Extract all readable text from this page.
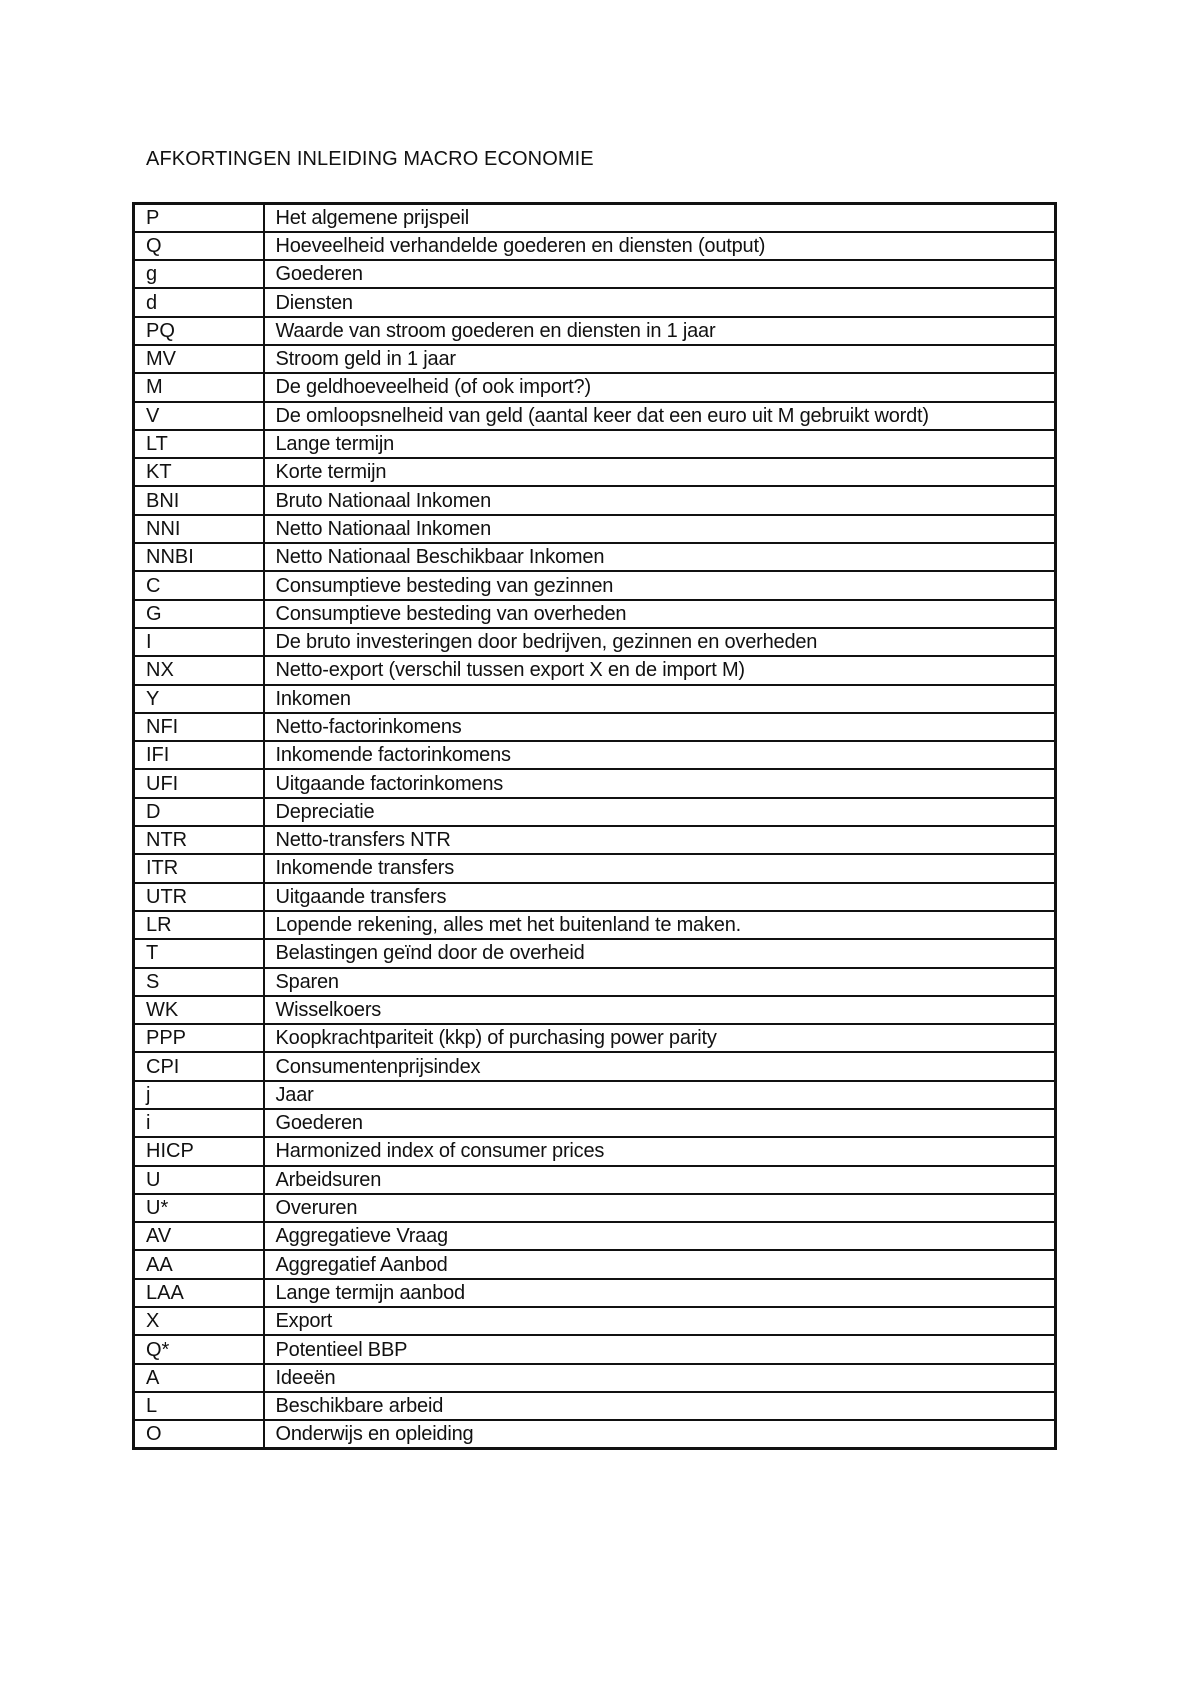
AFKORTINGEN INLEIDING MACRO ECONOMIE
P	Het algemene prijspeil
Q	Hoeveelheid verhandelde goederen en diensten (output)
g	Goederen
d	Diensten
PQ	Waarde van stroom goederen en diensten in 1 jaar
MV	Stroom geld in 1 jaar
M	De geldhoeveelheid (of ook import?)
V	De omloopsnelheid van geld (aantal keer dat een euro uit M gebruikt wordt)
LT	Lange termijn
KT	Korte termijn
BNI	Bruto Nationaal Inkomen
NNI	Netto Nationaal Inkomen
NNBI	Netto Nationaal Beschikbaar Inkomen
C	Consumptieve besteding van gezinnen
G	Consumptieve besteding van overheden
I	De bruto investeringen door bedrijven, gezinnen en overheden
NX	Netto-export (verschil tussen export X en de import M)
Y	Inkomen
NFI	Netto-factorinkomens
IFI	Inkomende factorinkomens
UFI	Uitgaande factorinkomens
D	Depreciatie
NTR	Netto-transfers NTR
ITR	Inkomende transfers
UTR	Uitgaande transfers
LR	Lopende rekening, alles met het buitenland te maken.
T	Belastingen geïnd door de overheid
S	Sparen
WK	Wisselkoers
PPP	Koopkrachtpariteit (kkp) of purchasing power parity
CPI	Consumentenprijsindex
j	Jaar
i	Goederen
HICP	Harmonized index of consumer prices
U	Arbeidsuren
U*	Overuren
AV	Aggregatieve Vraag
AA	Aggregatief Aanbod
LAA	Lange termijn aanbod
X	Export
Q*	Potentieel BBP
A	Ideeën
L	Beschikbare arbeid
O	Onderwijs en opleiding
